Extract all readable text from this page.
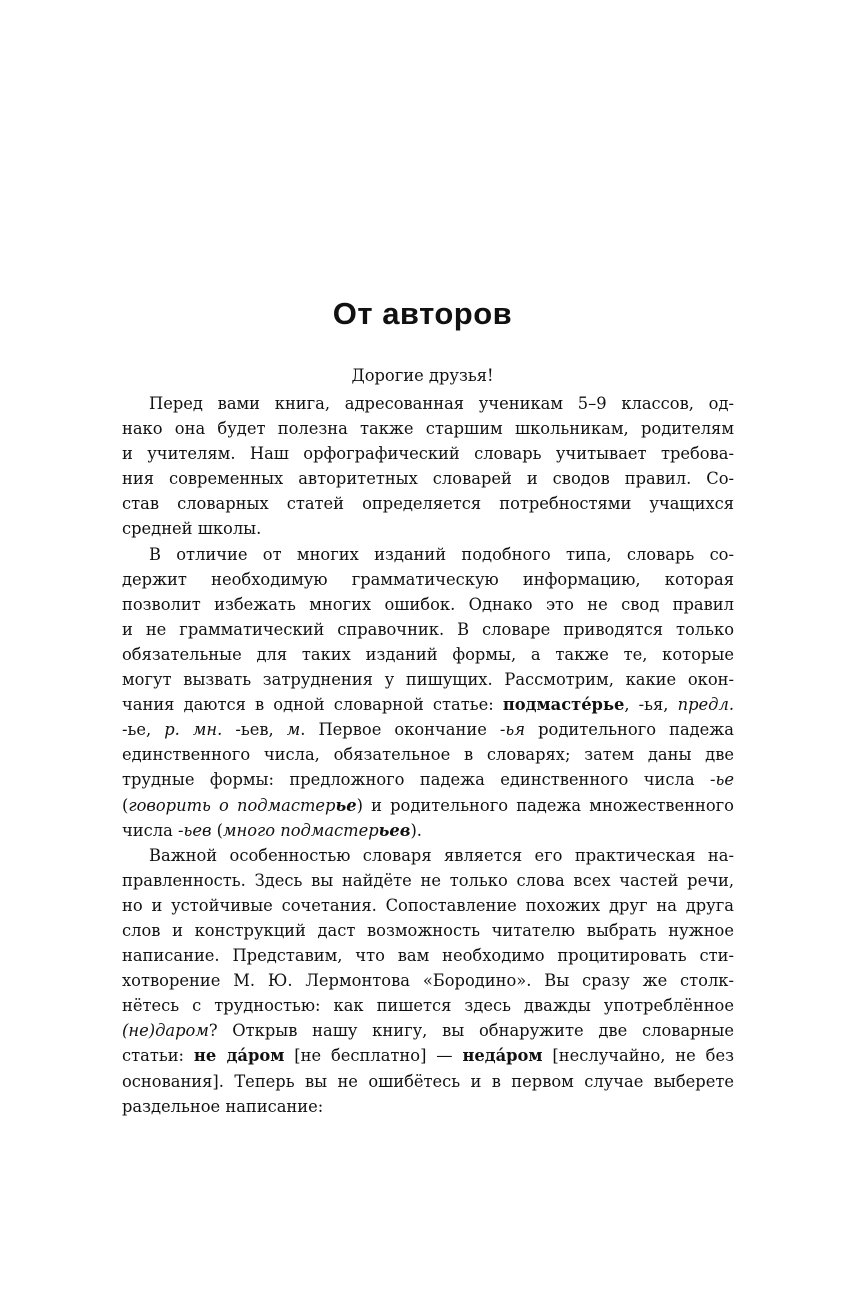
От авторов
Дорогие друзья!
Перед вами книга, адресованная ученикам 5–9 классов, од-
нако она будет полезна также старшим школьникам, родителям
и учителям. Наш орфографический словарь учитывает требова-
ния современных авторитетных словарей и сводов правил. Со-
став словарных статей определяется потребностями учащихся
средней школы.
В отличие от многих изданий подобного типа, словарь со-
держит необходимую грамматическую информацию, которая
позволит избежать многих ошибок. Однако это не свод правил
и не грамматический справочник. В словаре приводятся только
обязательные для таких изданий формы, а также те, которые
могут вызвать затруднения у пишущих. Рассмотрим, какие окон-
чания даются в одной словарной статье: подмасте́рье, -ья, предл.
-ье, р. мн. -ьев, м. Первое окончание -ья родительного падежа
единственного числа, обязательное в словарях; затем даны две
трудные формы: предложного падежа единственного числа -ье
(говорить о подмастерье) и родительного падежа множественного
числа -ьев (много подмастерьев).
Важной особенностью словаря является его практическая на-
правленность. Здесь вы найдёте не только слова всех частей речи,
но и устойчивые сочетания. Сопоставление похожих друг на друга
слов и конструкций даст возможность читателю выбрать нужное
написание. Представим, что вам необходимо процитировать сти-
хотворение М. Ю. Лермонтова «Бородино». Вы сразу же столк-
нётесь с трудностью: как пишется здесь дважды употреблённое
(не)даром? Открыв нашу книгу, вы обнаружите две словарные
статьи: не да́ром [не бесплатно] — неда́ром [неслучайно, не без
основания]. Теперь вы не ошибётесь и в первом случае выберете
раздельное написание:
